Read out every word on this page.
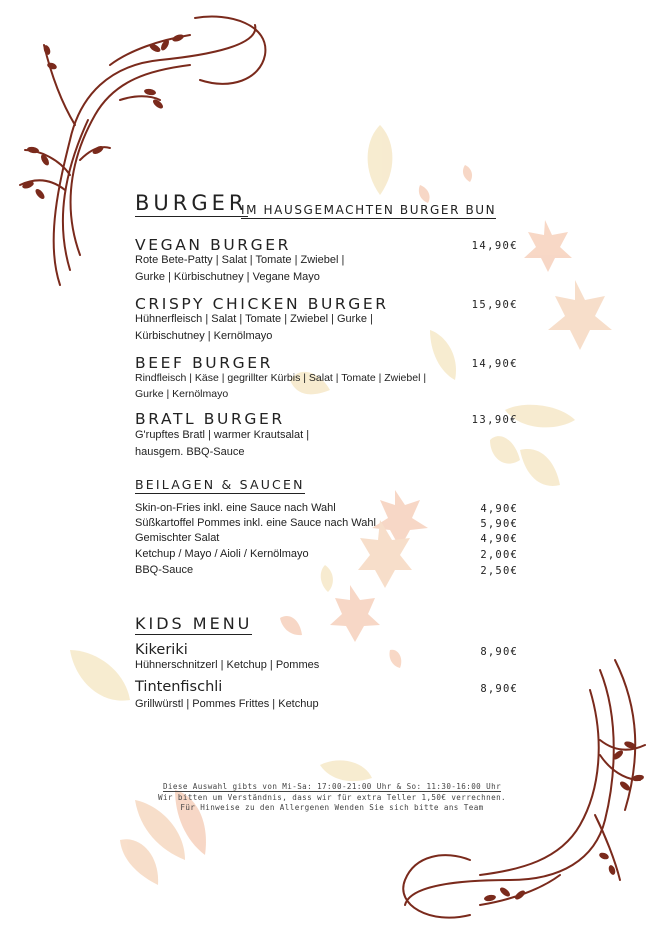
BURGER
IM HAUSGEMACHTEN BURGER BUN
VEGAN BURGER	14,90€
Rote Bete-Patty | Salat | Tomate | Zwiebel |
Gurke | Kürbischutney | Vegane Mayo
CRISPY CHICKEN BURGER	15,90€
Hühnerfleisch | Salat | Tomate | Zwiebel | Gurke |
Kürbischutney | Kernölmayo
BEEF BURGER	14,90€
Rindfleisch | Käse | gegrillter Kürbis | Salat | Tomate | Zwiebel |
Gurke | Kernölmayo
BRATL BURGER	13,90€
G'rupftes Bratl | warmer Krautsalat |
hausgem. BBQ-Sauce
BEILAGEN & SAUCEN
Skin-on-Fries inkl. eine Sauce nach Wahl	4,90€
Süßkartoffel Pommes inkl. eine Sauce nach Wahl	5,90€
Gemischter Salat	4,90€
Ketchup / Mayo / Aioli / Kernölmayo	2,00€
BBQ-Sauce	2,50€
KIDS MENU
Kikeriki	8,90€
Hühnerschnitzerl | Ketchup | Pommes
Tintenfischli	8,90€
Grillwürstl | Pommes Frittes | Ketchup
Diese Auswahl gibts von Mi-Sa: 17:00-21:00 Uhr & So: 11:30-16:00 Uhr
Wir bitten um Verständnis, dass wir für extra Teller 1,50€ verrechnen.
Für Hinweise zu den Allergenen Wenden Sie sich bitte ans Team
